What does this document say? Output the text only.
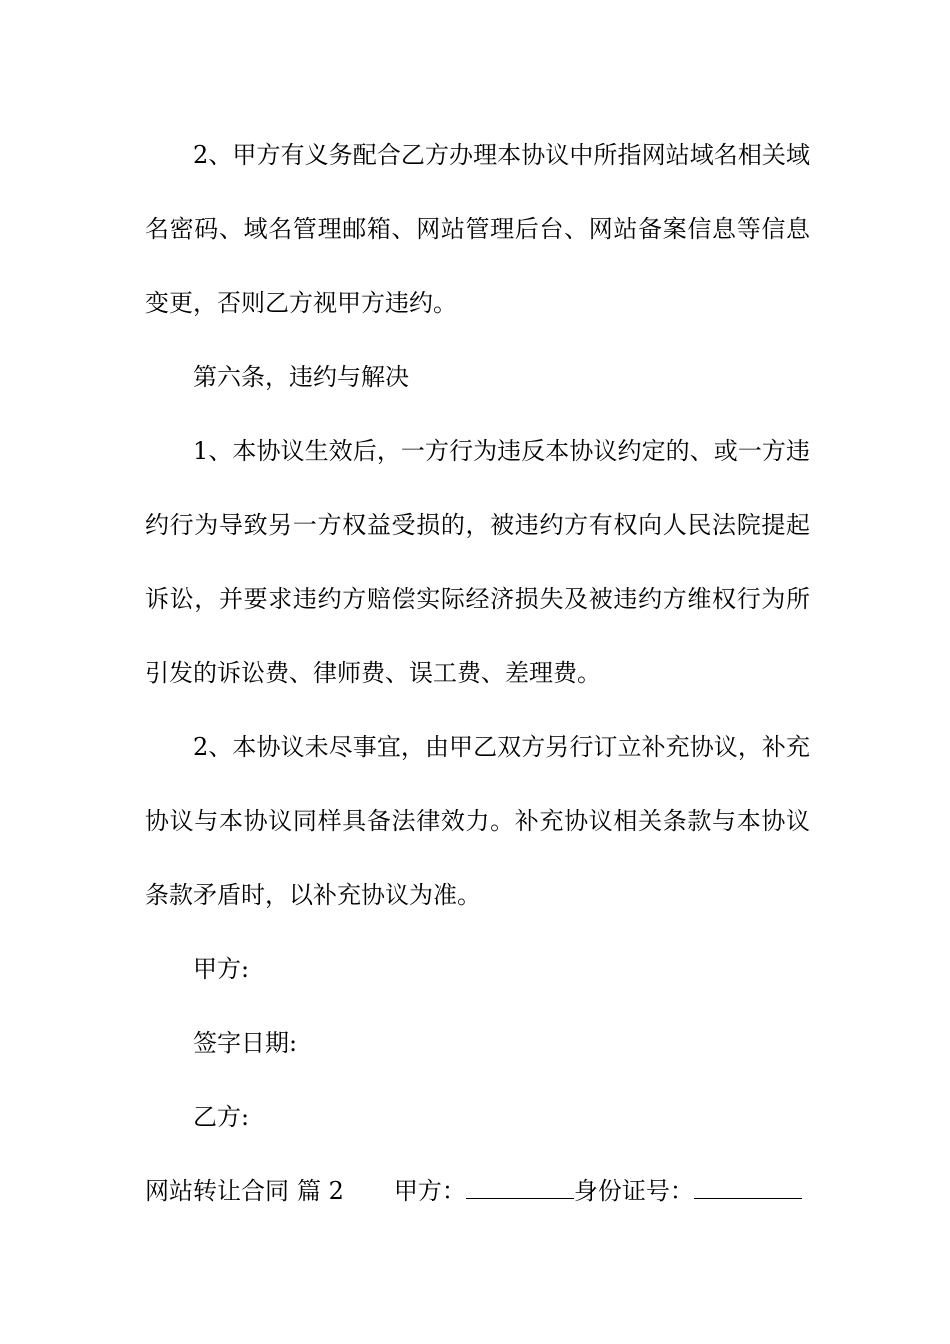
2、甲方有义务配合乙方办理本协议中所指网站域名相关域名密码、域名管理邮箱、网站管理后台、网站备案信息等信息变更，否则乙方视甲方违约。

第六条，违约与解决

1、本协议生效后，一方行为违反本协议约定的、或一方违约行为导致另一方权益受损的，被违约方有权向人民法院提起诉讼，并要求违约方赔偿实际经济损失及被违约方维权行为所引发的诉讼费、律师费、误工费、差理费。

2、本协议未尽事宜，由甲乙双方另行订立补充协议，补充协议与本协议同样具备法律效力。补充协议相关条款与本协议条款矛盾时，以补充协议为准。

甲方:

签字日期:

乙方:

网站转让合同 篇 2 甲方：	身份证号：
